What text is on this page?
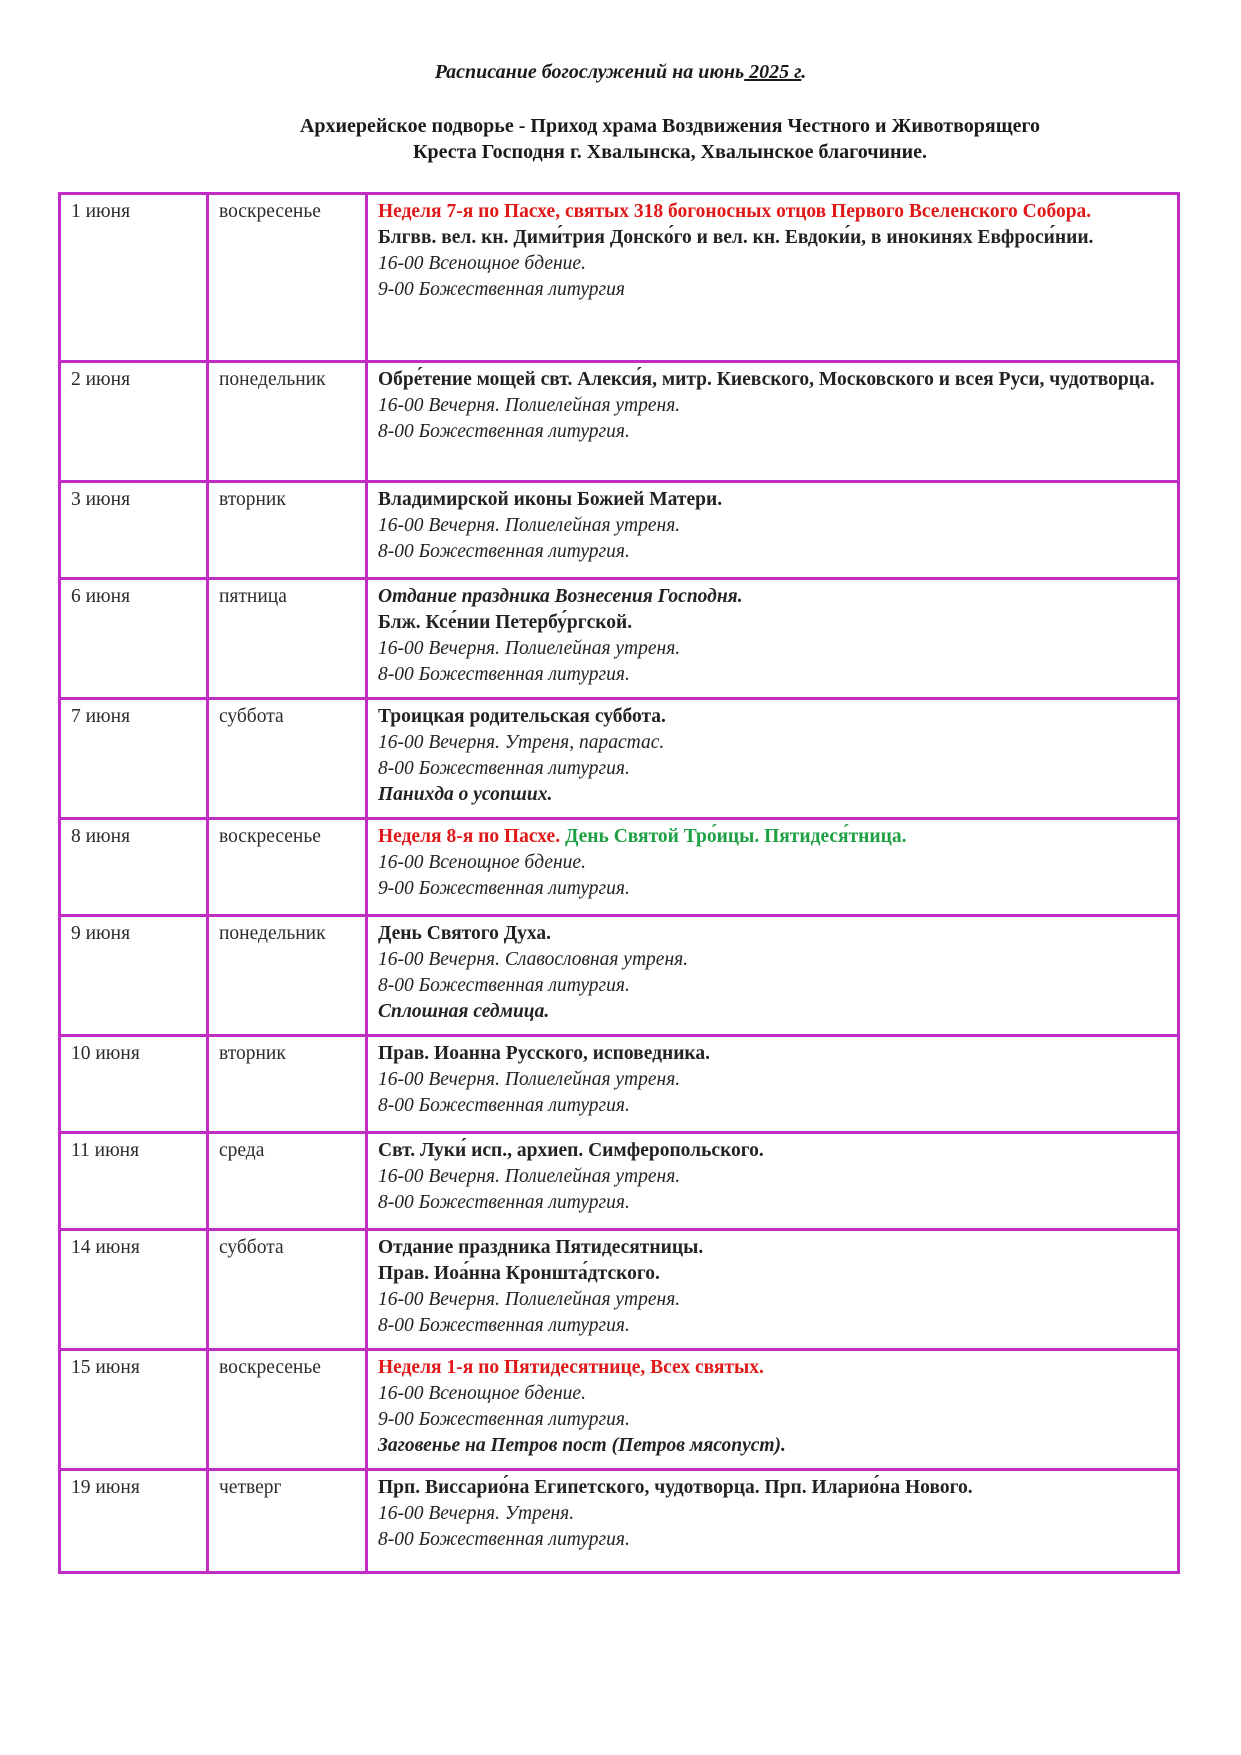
Расписание богослужений на июнь 2025 г.
Архиерейское подворье - Приход храма Воздвижения Честного и Животворящего
Креста Господня г. Хвалынска, Хвалынское благочиние.
1 июня	воскресенье	Неделя 7-я по Пасхе, святых 318 богоносных отцов Первого Вселенского Собора.
Блгвв. вел. кн. Дими́трия Донско́го и вел. кн. Евдоки́и, в инокинях Евфроси́нии.
16-00 Всенощное бдение.
9-00 Божественная литургия

2 июня	понедельник	Обре́тение мощей свт. Алекси́я, митр. Киевского, Московского и всея Руси, чудотворца.
16-00 Вечерня. Полиелейная утреня.
8-00 Божественная литургия.

3 июня	вторник	Владимирской иконы Божией Матери.
16-00 Вечерня. Полиелейная утреня.
8-00 Божественная литургия.

6 июня	пятница	Отдание праздника Вознесения Господня.
Блж. Ксе́нии Петербу́ргской.
16-00 Вечерня. Полиелейная утреня.
8-00 Божественная литургия.

7 июня	суббота	Троицкая родительская суббота.
16-00 Вечерня. Утреня, парастас.
8-00 Божественная литургия.
Паниxда о усопших.

8 июня	воскресенье	Неделя 8-я по Пасхе. День Святой Тро́ицы. Пятидеся́тница.
16-00 Всенощное бдение.
9-00 Божественная литургия.

9 июня	понедельник	День Святого Духа.
16-00 Вечерня. Славословная утреня.
8-00 Божественная литургия.
Сплошная седмица.

10 июня	вторник	Прав. Иоанна Русского, исповедника.
16-00 Вечерня. Полиелейная утреня.
8-00 Божественная литургия.

11 июня	среда	Свт. Луки́ исп., архиеп. Симферопольского.
16-00 Вечерня. Полиелейная утреня.
8-00 Божественная литургия.

14 июня	суббота	Отдание праздника Пятидесятницы.
Прав. Иоа́нна Кроншта́дтского.
16-00 Вечерня. Полиелейная утреня.
8-00 Божественная литургия.

15 июня	воскресенье	Неделя 1-я по Пятидесятнице, Всех святых.
16-00 Всенощное бдение.
9-00 Божественная литургия.
Заговенье на Петров пост (Петров мясопуст).

19 июня	четверг	Прп. Виссарио́на Египетского, чудотворца. Прп. Иларио́на Нового.
16-00 Вечерня. Утреня.
8-00 Божественная литургия.
